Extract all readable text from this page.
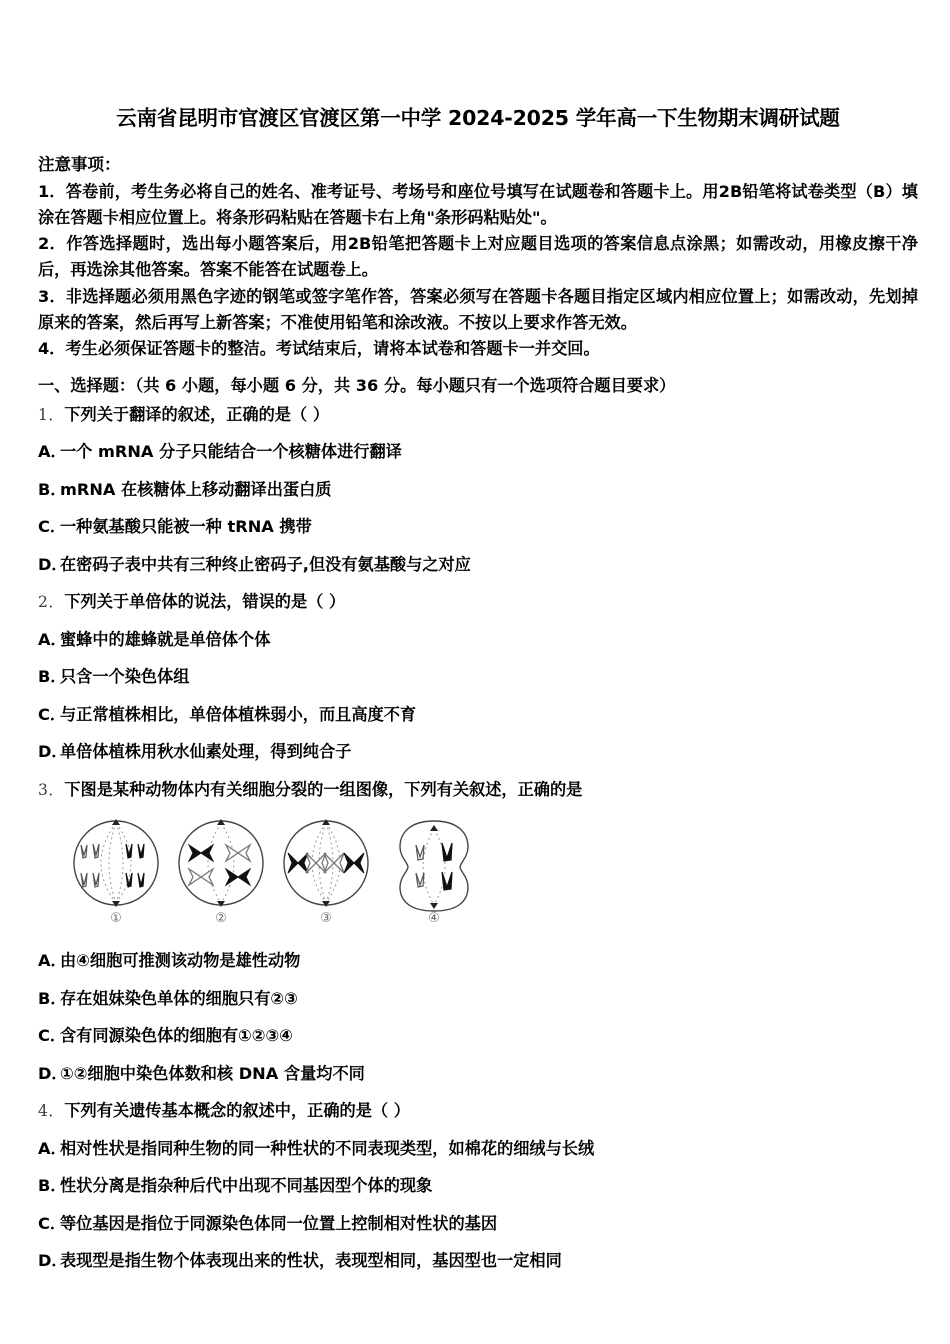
云南省昆明市官渡区官渡区第一中学 2024-2025 学年高一下生物期末调研试题
注意事项：

1．答卷前，考生务必将自己的姓名、准考证号、考场号和座位号填写在试题卷和答题卡上。用2B铅笔将试卷类型（B）填涂在答题卡相应位置上。将条形码粘贴在答题卡右上角"条形码粘贴处"。

2．作答选择题时，选出每小题答案后，用2B铅笔把答题卡上对应题目选项的答案信息点涂黑；如需改动，用橡皮擦干净后，再选涂其他答案。答案不能答在试题卷上。

3．非选择题必须用黑色字迹的钢笔或签字笔作答，答案必须写在答题卡各题目指定区域内相应位置上；如需改动，先划掉原来的答案，然后再写上新答案；不准使用铅笔和涂改液。不按以上要求作答无效。

4．考生必须保证答题卡的整洁。考试结束后，请将本试卷和答题卡一并交回。

一、选择题：（共 6 小题，每小题 6 分，共 36 分。每小题只有一个选项符合题目要求）

1．下列关于翻译的叙述，正确的是（ ）

A．一个 mRNA 分子只能结合一个核糖体进行翻译

B．mRNA 在核糖体上移动翻译出蛋白质

C．一种氨基酸只能被一种 tRNA 携带

D．在密码子表中共有三种终止密码子,但没有氨基酸与之对应

2．下列关于单倍体的说法，错误的是（ ）

A．蜜蜂中的雄蜂就是单倍体个体

B．只含一个染色体组

C．与正常植株相比，单倍体植株弱小，而且高度不育

D．单倍体植株用秋水仙素处理，得到纯合子

3．下图是某种动物体内有关细胞分裂的一组图像，下列有关叙述，正确的是

①	②	③	④

A．由④细胞可推测该动物是雄性动物

B．存在姐妹染色单体的细胞只有②③

C．含有同源染色体的细胞有①②③④

D．①②细胞中染色体数和核 DNA 含量均不同

4．下列有关遗传基本概念的叙述中，正确的是（ ）

A．相对性状是指同种生物的同一种性状的不同表现类型，如棉花的细绒与长绒

B．性状分离是指杂种后代中出现不同基因型个体的现象

C．等位基因是指位于同源染色体同一位置上控制相对性状的基因

D．表现型是指生物个体表现出来的性状，表现型相同，基因型也一定相同
